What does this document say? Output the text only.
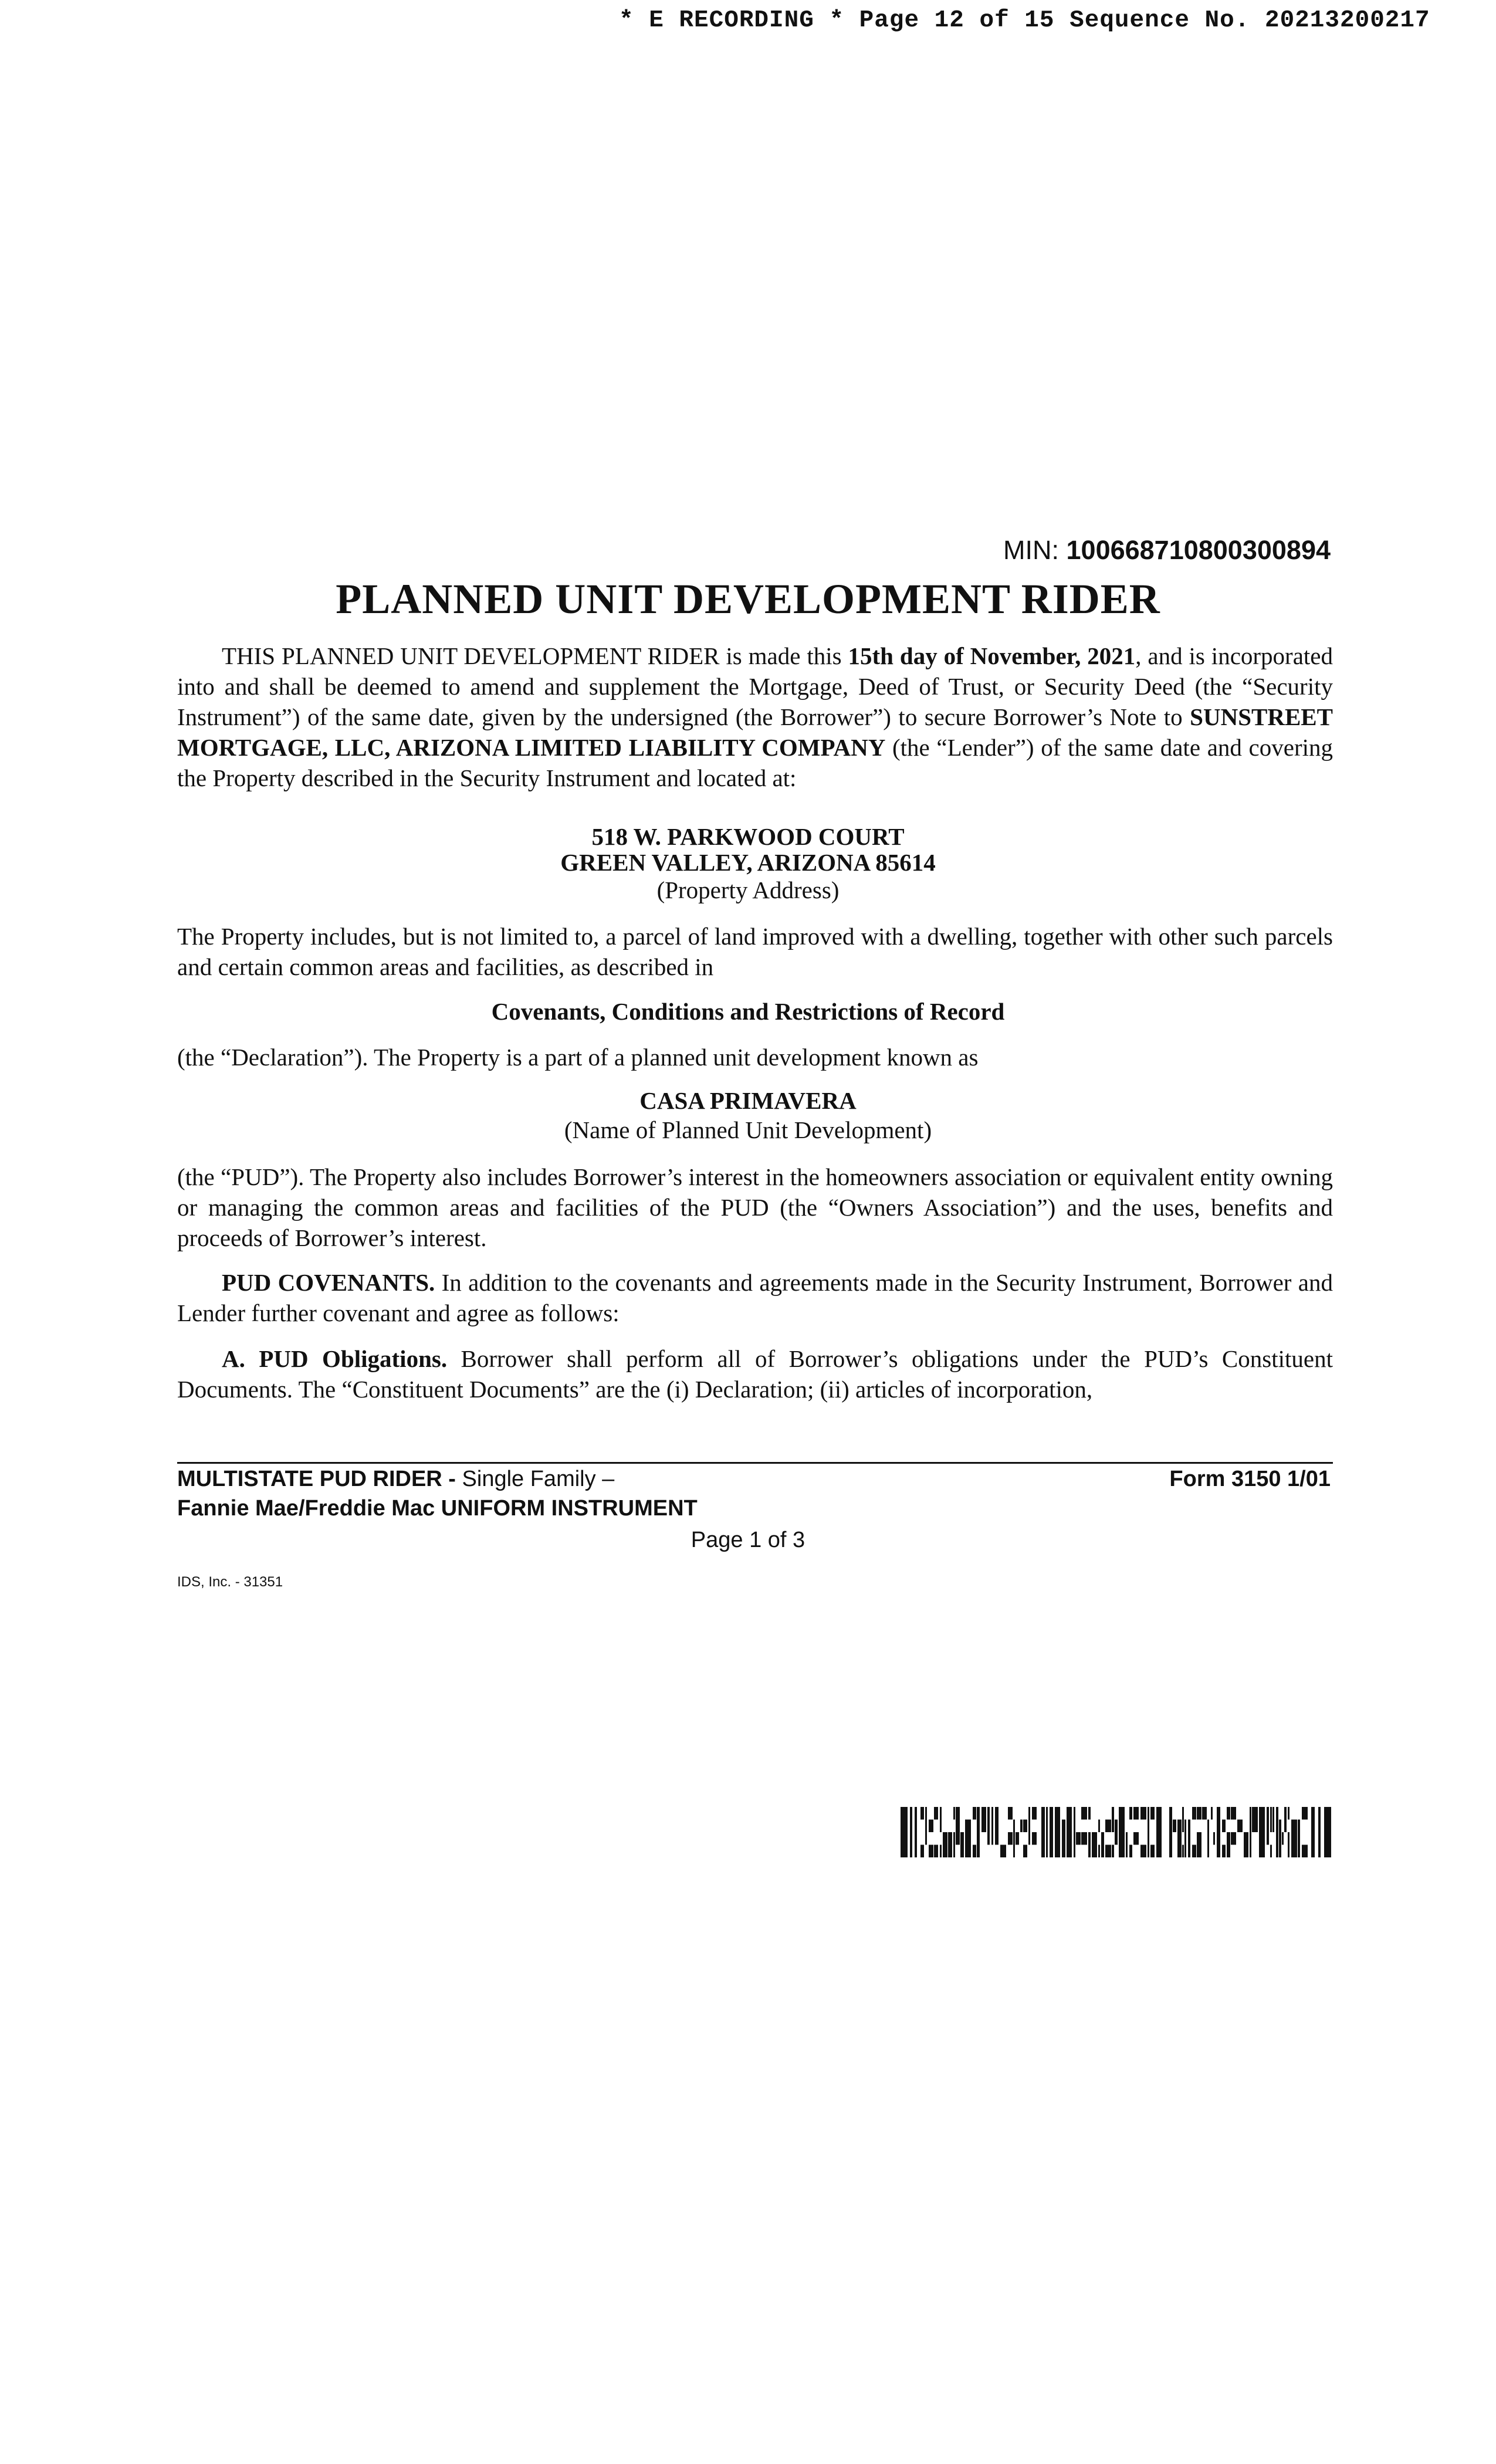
* E RECORDING * Page 12 of 15 Sequence No. 20213200217
MIN: 100668710800300894
PLANNED UNIT DEVELOPMENT RIDER
THIS PLANNED UNIT DEVELOPMENT RIDER is made this 15th day of November, 2021, and is incorporated into and shall be deemed to amend and supplement the Mortgage, Deed of Trust, or Security Deed (the “Security Instrument”) of the same date, given by the undersigned (the Borrower”) to secure Borrower’s Note to SUNSTREET MORTGAGE, LLC, ARIZONA LIMITED LIABILITY COMPANY (the “Lender”) of the same date and covering the Property described in the Security Instrument and located at:
518 W. PARKWOOD COURT
GREEN VALLEY, ARIZONA 85614
(Property Address)
The Property includes, but is not limited to, a parcel of land improved with a dwelling, together with other such parcels and certain common areas and facilities, as described in
Covenants, Conditions and Restrictions of Record
(the “Declaration”). The Property is a part of a planned unit development known as
CASA PRIMAVERA
(Name of Planned Unit Development)
(the “PUD”). The Property also includes Borrower’s interest in the homeowners association or equivalent entity owning or managing the common areas and facilities of the PUD (the “Owners Association”) and the uses, benefits and proceeds of Borrower’s interest.
PUD COVENANTS. In addition to the covenants and agreements made in the Security Instrument, Borrower and Lender further covenant and agree as follows:
A. PUD Obligations. Borrower shall perform all of Borrower’s obligations under the PUD’s Constituent Documents. The “Constituent Documents” are the (i) Declaration; (ii) articles of incorporation,
MULTISTATE PUD RIDER - Single Family –
Fannie Mae/Freddie Mac UNIFORM INSTRUMENT
Form 3150 1/01
Page 1 of 3
IDS, Inc. - 31351
